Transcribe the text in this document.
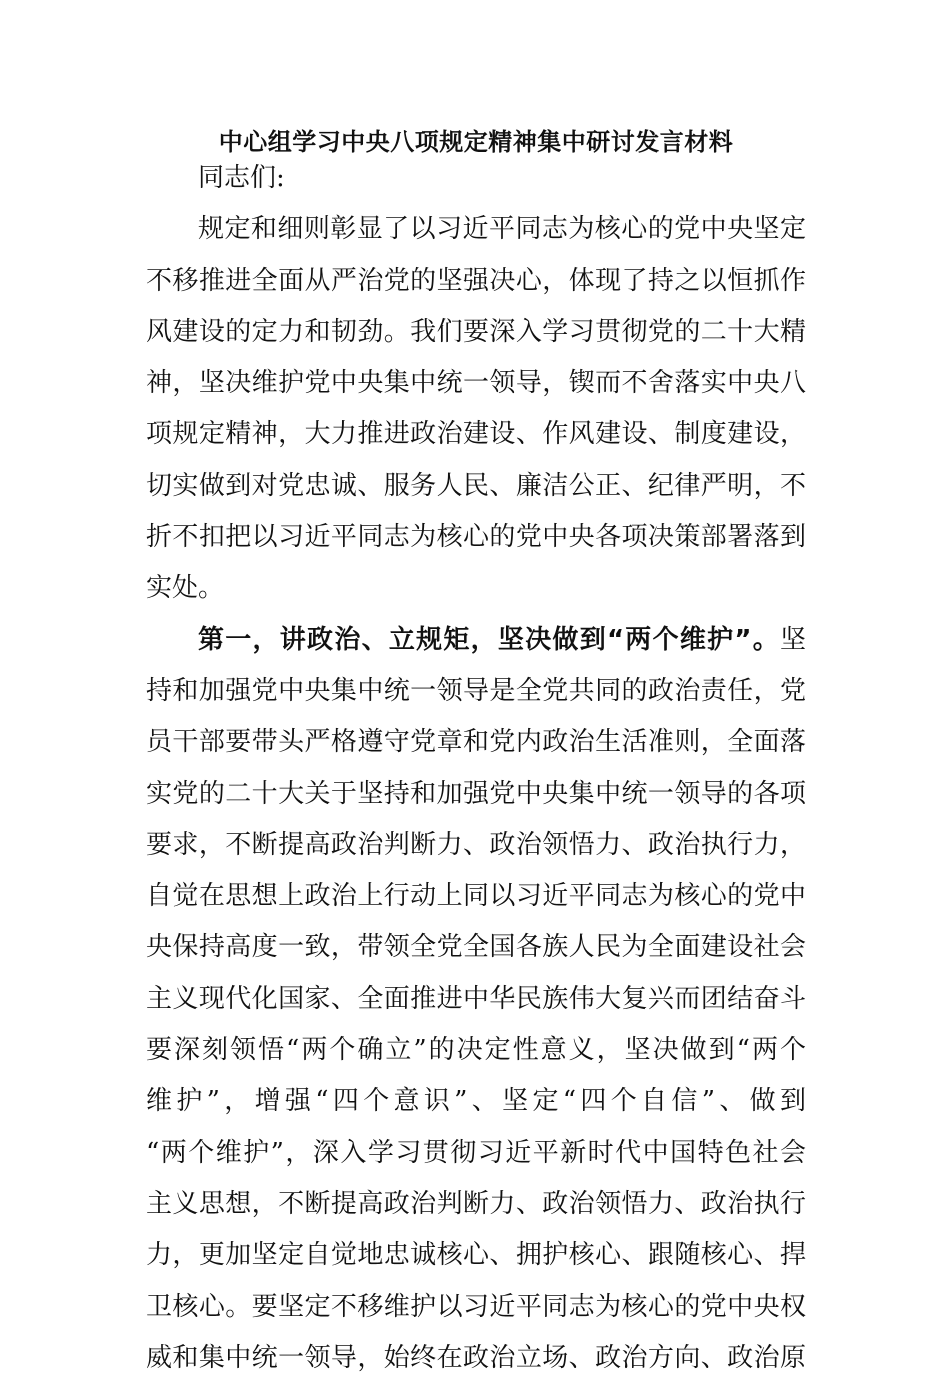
中心组学习中央八项规定精神集中研讨发言材料
同志们:
规定和细则彰显了以习近平同志为核心的党中央坚定
不移推进全面从严治党的坚强决心，体现了持之以恒抓作
风建设的定力和韧劲。我们要深入学习贯彻党的二十大精
神，坚决维护党中央集中统一领导，锲而不舍落实中央八
项规定精神，大力推进政治建设、作风建设、制度建设，
切实做到对党忠诚、服务人民、廉洁公正、纪律严明，不
折不扣把以习近平同志为核心的党中央各项决策部署落到
实处。
第一，讲政治、立规矩，坚决做到“两个维护”。坚
持和加强党中央集中统一领导是全党共同的政治责任，党
员干部要带头严格遵守党章和党内政治生活准则，全面落
实党的二十大关于坚持和加强党中央集中统一领导的各项
要求，不断提高政治判断力、政治领悟力、政治执行力，
自觉在思想上政治上行动上同以习近平同志为核心的党中
央保持高度一致，带领全党全国各族人民为全面建设社会
主义现代化国家、全面推进中华民族伟大复兴而团结奋斗
要深刻领悟“两个确立”的决定性意义，坚决做到“两个
维护”，增强“四个意识”、坚定“四个自信”、做到
“两个维护”，深入学习贯彻习近平新时代中国特色社会
主义思想，不断提高政治判断力、政治领悟力、政治执行
力，更加坚定自觉地忠诚核心、拥护核心、跟随核心、捍
卫核心。要坚定不移维护以习近平同志为核心的党中央权
威和集中统一领导，始终在政治立场、政治方向、政治原
